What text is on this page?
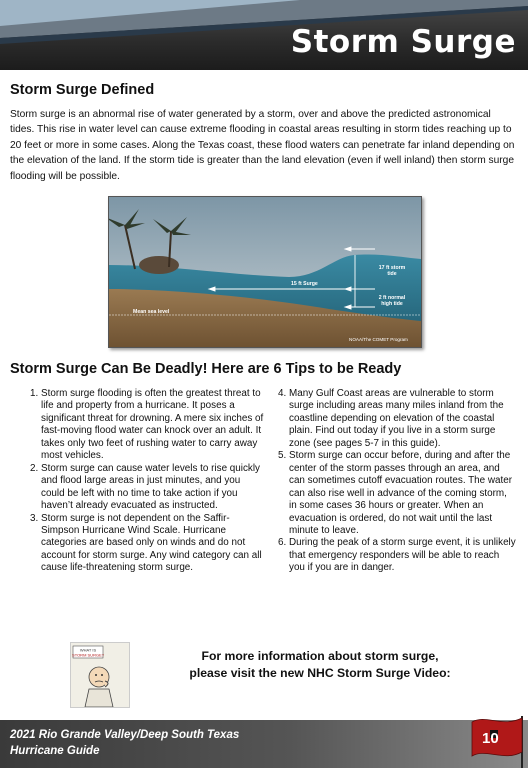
Storm Surge
Storm Surge Defined
Storm surge is an abnormal rise of water generated by a storm, over and above the predicted astronomical tides. This rise in water level can cause extreme flooding in coastal areas resulting in storm tides reaching up to 20 feet or more in some cases. Along the Texas coast, these flood waters can penetrate far inland depending on the elevation of the land. If the storm tide is greater than the land elevation (even if well inland) then storm surge flooding will be possible.
15 ft Surge
17 ft storm tide
2 ft normal high tide
Mean sea level
NOAA/The COMET Program
Storm Surge Can Be Deadly! Here are 6 Tips to be Ready
1. Storm surge flooding is often the greatest threat to life and property from a hurricane. It poses a significant threat for drowning. A mere six inches of fast-moving flood water can knock over an adult. It takes only two feet of rushing water to carry away most vehicles.
2. Storm surge can cause water levels to rise quickly and flood large areas in just minutes, and you could be left with no time to take action if you haven’t already evacuated as instructed.
3. Storm surge is not dependent on the Saffir-Simpson Hurricane Wind Scale. Hurricane categories are based only on winds and do not account for storm surge. Any wind category can all cause life-threatening storm surge.
4. Many Gulf Coast areas are vulnerable to storm surge including areas many miles inland from the coastline depending on elevation of the coastal plain. Find out today if you live in a storm surge zone (see pages 5-7 in this guide).
5. Storm surge can occur before, during and after the center of the storm passes through an area, and can sometimes cutoff evacuation routes. The water can also rise well in advance of the coming storm, in some cases 36 hours or greater. When an evacuation is ordered, do not wait until the last minute to leave.
6. During the peak of a storm surge event, it is unlikely that emergency responders will be able to reach you if you are in danger.
WHAT IS
STORM SURGE?	For more information about storm surge,
please visit the new NHC Storm Surge Video:
2021 Rio Grande Valley/Deep South Texas
Hurricane Guide
10
